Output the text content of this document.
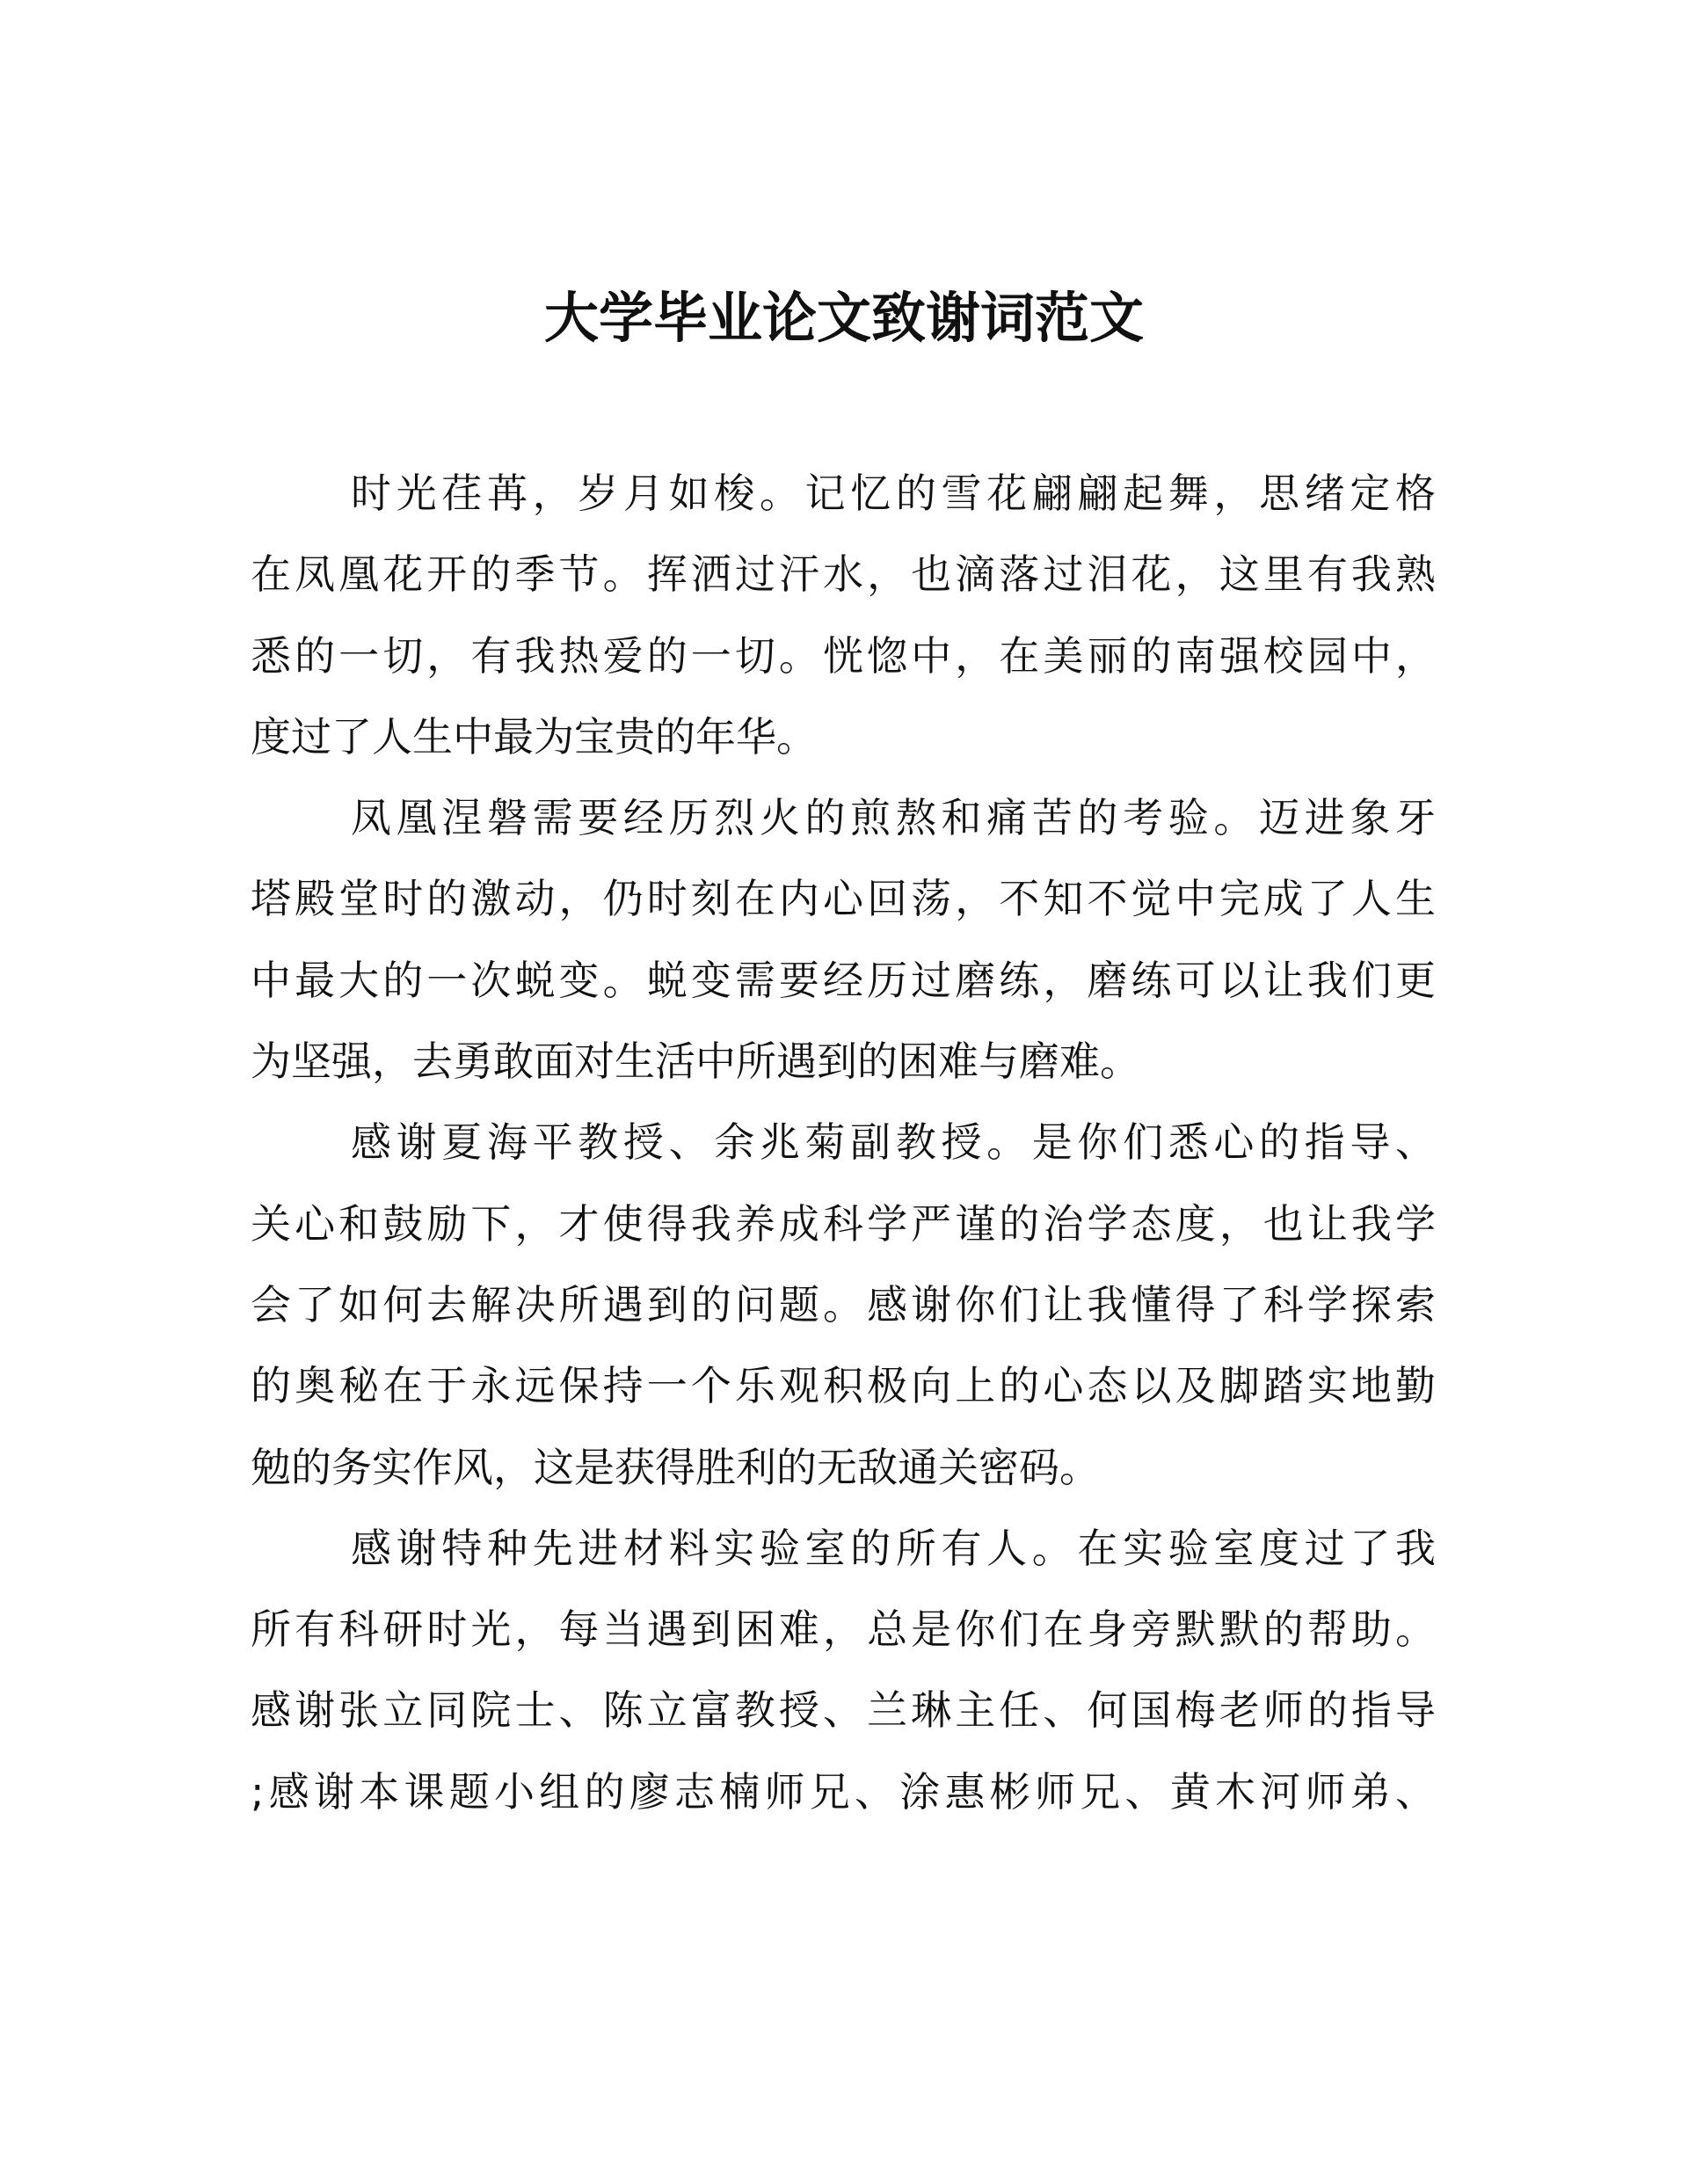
大学毕业论文致谢词范文
时光荏苒，岁月如梭。记忆的雪花翩翩起舞，思绪定格
在凤凰花开的季节。挥洒过汗水，也滴落过泪花，这里有我熟
悉的一切，有我热爱的一切。恍惚中，在美丽的南强校园中，
度过了人生中最为宝贵的年华。
凤凰涅磐需要经历烈火的煎熬和痛苦的考验。迈进象牙
塔殿堂时的激动，仍时刻在内心回荡，不知不觉中完成了人生
中最大的一次蜕变。蜕变需要经历过磨练，磨练可以让我们更
为坚强，去勇敢面对生活中所遇到的困难与磨难。
感谢夏海平教授、余兆菊副教授。是你们悉心的指导、
关心和鼓励下，才使得我养成科学严谨的治学态度，也让我学
会了如何去解决所遇到的问题。感谢你们让我懂得了科学探索
的奥秘在于永远保持一个乐观积极向上的心态以及脚踏实地勤
勉的务实作风，这是获得胜利的无敌通关密码。
感谢特种先进材料实验室的所有人。在实验室度过了我
所有科研时光，每当遇到困难，总是你们在身旁默默的帮助。
感谢张立同院士、陈立富教授、兰琳主任、何国梅老师的指导
;感谢本课题小组的廖志楠师兄、涂惠彬师兄、黄木河师弟、
